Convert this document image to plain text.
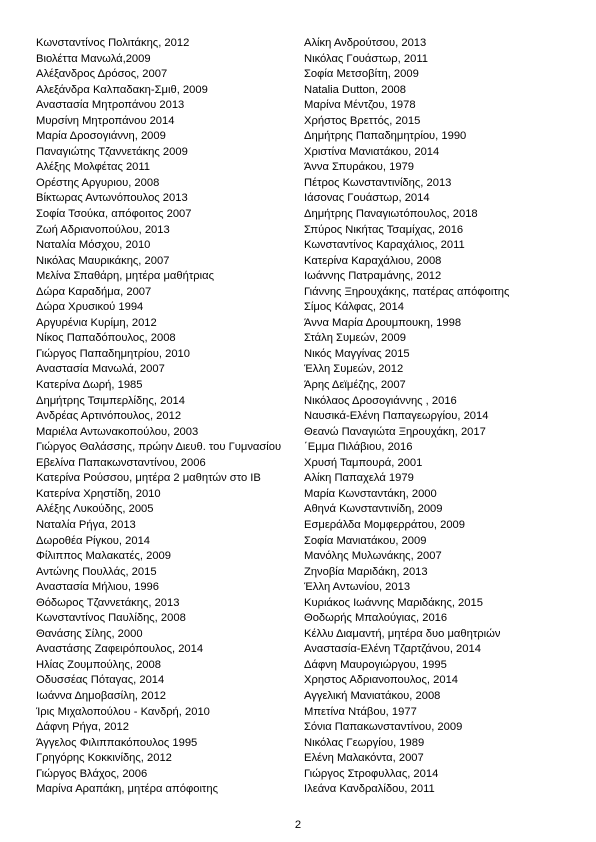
Κωνσταντίνος Πολιτάκης, 2012
Βιολέττα Μανωλά,2009
Αλέξανδρος Δρόσος, 2007
Αλεξάνδρα Καλπαδακη-Σμιθ, 2009
Αναστασία Μητροπάνου 2013
Μυρσίνη Μητροπάνου 2014
Μαρία Δροσογιάννη, 2009
Παναγιώτης Τζαννετάκης 2009
Αλέξης Μολφέτας 2011
Ορέστης Αργυριου, 2008
Βίκτωρας Αντωνόπουλος 2013
Σοφία Τσούκα, απόφοιτος 2007
Ζωή Αδριανοπούλου, 2013
Ναταλία Μόσχου, 2010
Νικόλας Μαυρικάκης, 2007
Μελίνα Σπαθάρη, μητέρα μαθήτριας
Δώρα Καραδήμα, 2007
Δώρα Χρυσικού 1994
Αργυρένια Κυρίμη, 2012
Νίκος Παπαδόπουλος, 2008
Γιώργος Παπαδημητρίου, 2010
Αναστασία Μανωλά, 2007
Κατερίνα Δωρή, 1985
Δημήτρης Τσιμπερλίδης, 2014
Ανδρέας Αρτινόπουλος, 2012
Μαριέλα Αντωνακοπούλου, 2003
Γιώργος Θαλάσσης, πρώην Διευθ. του Γυμνασίου
Εβελίνα Παπακωνσταντίνου, 2006
Κατερίνα Ρούσσου, μητέρα 2 μαθητών στο ΙΒ
Κατερίνα Χρηστίδη, 2010
Αλέξης Λυκούδης, 2005
Ναταλία Ρήγα, 2013
Δωροθέα Ρίγκου, 2014
Φίλιππος Μαλακατές, 2009
Αντώνης Πουλλάς, 2015
Αναστασία Μήλιου, 1996
Θόδωρος Τζαννετάκης, 2013
Κωνσταντίνος Παυλίδης, 2008
Θανάσης Σίλης, 2000
Αναστάσης Ζαφειρόπουλος, 2014
Ηλίας Ζουμπούλης, 2008
Οδυσσέας Πόταγας, 2014
Ιωάννα Δημοβασίλη, 2012
Ίρις Μιχαλοπούλου - Κανδρή, 2010
Δάφνη Ρήγα, 2012
Άγγελος Φιλιππακόπουλος 1995
Γρηγόρης Κοκκινίδης, 2012
Γιώργος Βλάχος, 2006
Μαρίνα Αραπάκη, μητέρα απόφοιτης
Αλίκη Ανδρούτσου, 2013
Νικόλας Γουάστωρ, 2011
Σοφία Μετσοβίτη, 2009
Natalia Dutton, 2008
Μαρίνα Μέντζου, 1978
Χρήστος Βρεττός, 2015
Δημήτρης Παπαδημητρίου, 1990
Χριστίνα Μανιατάκου, 2014
Άννα Σπυράκου, 1979
Πέτρος Κωνσταντινίδης, 2013
Ιάσονας Γουάστωρ, 2014
Δημήτρης Παναγιωτόπουλος, 2018
Σπύρος Νικήτας Τσαμίχας, 2016
Κωνσταντίνος Καραχάλιος, 2011
Κατερίνα Καραχάλιου, 2008
Ιωάννης Πατραμάνης, 2012
Γιάννης Ξηρουχάκης, πατέρας απόφοιτης
Σίμος Κάλφας, 2014
Άννα Μαρία Δρουμπουκη, 1998
Στάλη Συμεών, 2009
Νικός Μαγγίνας 2015
Έλλη Συμεών, 2012
Άρης Δεϊμέζης, 2007
Νικόλαος Δροσογιάννης , 2016
Ναυσικά-Ελένη Παπαγεωργίου, 2014
Θεανώ Παναγιώτα Ξηρουχάκη, 2017
΄Εμμα Πιλάβιου, 2016
Χρυσή Ταμπουρά, 2001
Αλίκη Παπαχελά 1979
Μαρία Κωνσταντάκη, 2000
Αθηνά Κωνσταντινίδη, 2009
Εσμεράλδα Μομφερράτου, 2009
Σοφία Μανιατάκου, 2009
Μανόλης Μυλωνάκης, 2007
Ζηνοβία Μαριδάκη, 2013
Έλλη Αντωνίου, 2013
Κυριάκος Ιωάννης Μαριδάκης, 2015
Θοδωρής Μπαλούγιας, 2016
Κέλλυ Διαμαντή, μητέρα δυο μαθητριών
Αναστασία-Ελένη Τζαρτζάνου, 2014
Δάφνη Μαυρογιώργου, 1995
Χρηστος Αδριανοπουλος, 2014
Αγγελική Μανιατάκου, 2008
Μπετίνα Ντάβου, 1977
Σόνια Παπακωνσταντίνου, 2009
Νικόλας Γεωργίου, 1989
Ελένη Μαλακόντα, 2007
Γιώργος Στροφυλλας, 2014
Ιλεάνα Κανδραλίδου, 2011
2
